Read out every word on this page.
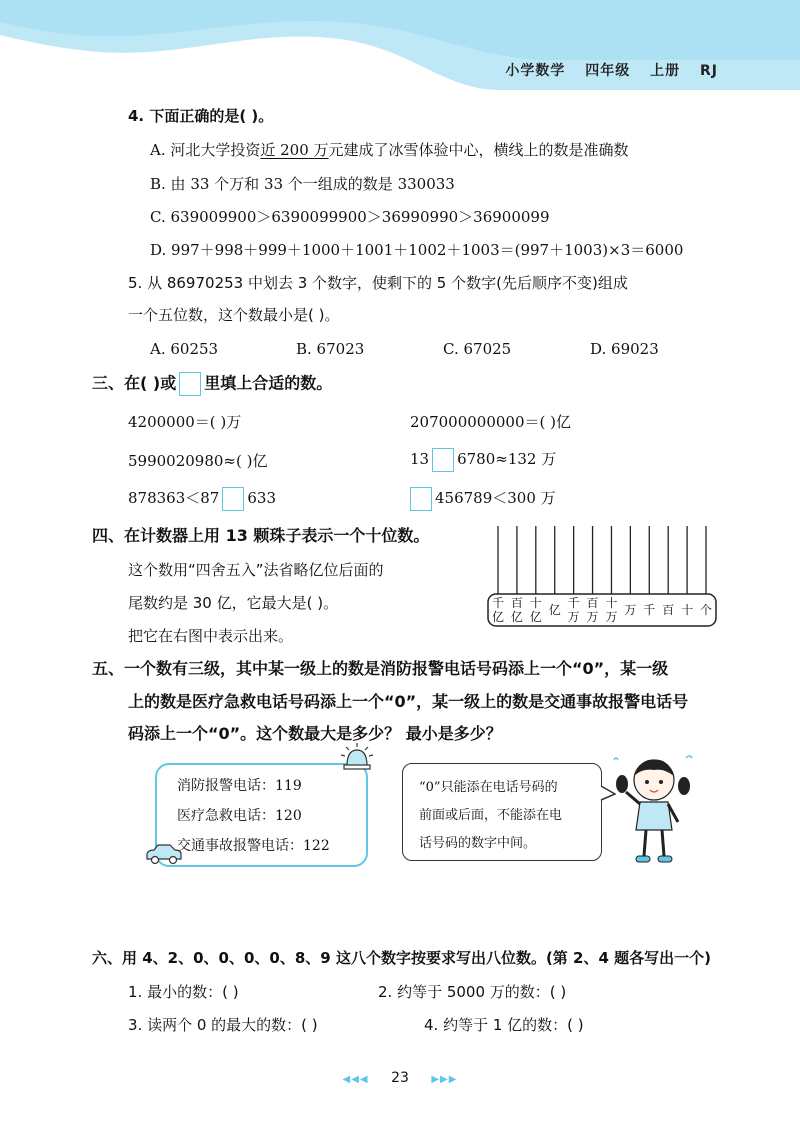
小学数学 四年级 上册 RJ
4. 下面正确的是( )。
A. 河北大学投资近 200 万元建成了冰雪体验中心，横线上的数是准确数
B. 由 33 个万和 33 个一组成的数是 330033
C. 639009900＞6390099900＞36990990＞36900099
D. 997＋998＋999＋1000＋1001＋1002＋1003＝(997＋1003)×3＝6000
5. 从 86970253 中划去 3 个数字，使剩下的 5 个数字(先后顺序不变)组成
一个五位数，这个数最小是( )。
A. 60253	B. 67023	C. 67025	D. 69023
三、在( )或 里填上合适的数。
4200000＝( )万	207000000000＝( )亿
5990020980≈( )亿	13 6780≈132 万
878363＜87 633	456789＜300 万
四、在计数器上用 13 颗珠子表示一个十位数。
这个数用“四舍五入”法省略亿位后面的
尾数约是 30 亿，它最大是( )。
把它在右图中表示出来。
千
亿
百
亿
十
亿 亿 千
万
百
万
十
万 万 千 百 十 个
五、一个数有三级，其中某一级上的数是消防报警电话号码添上一个“0”，某一级
上的数是医疗急救电话号码添上一个“0”，某一级上的数是交通事故报警电话号
码添上一个“0”。这个数最大是多少？ 最小是多少？
消防报警电话：119
医疗急救电话：120
交通事故报警电话：122
“0”只能添在电话号码的
前面或后面，不能添在电
话号码的数字中间。
六、用 4、2、0、0、0、0、8、9 这八个数字按要求写出八位数。(第 2、4 题各写出一个)
1. 最小的数：( )	2. 约等于 5000 万的数：( )
3. 读两个 0 的最大的数：( )	4. 约等于 1 亿的数：( )
◀◀◀ 23 ▶▶▶
